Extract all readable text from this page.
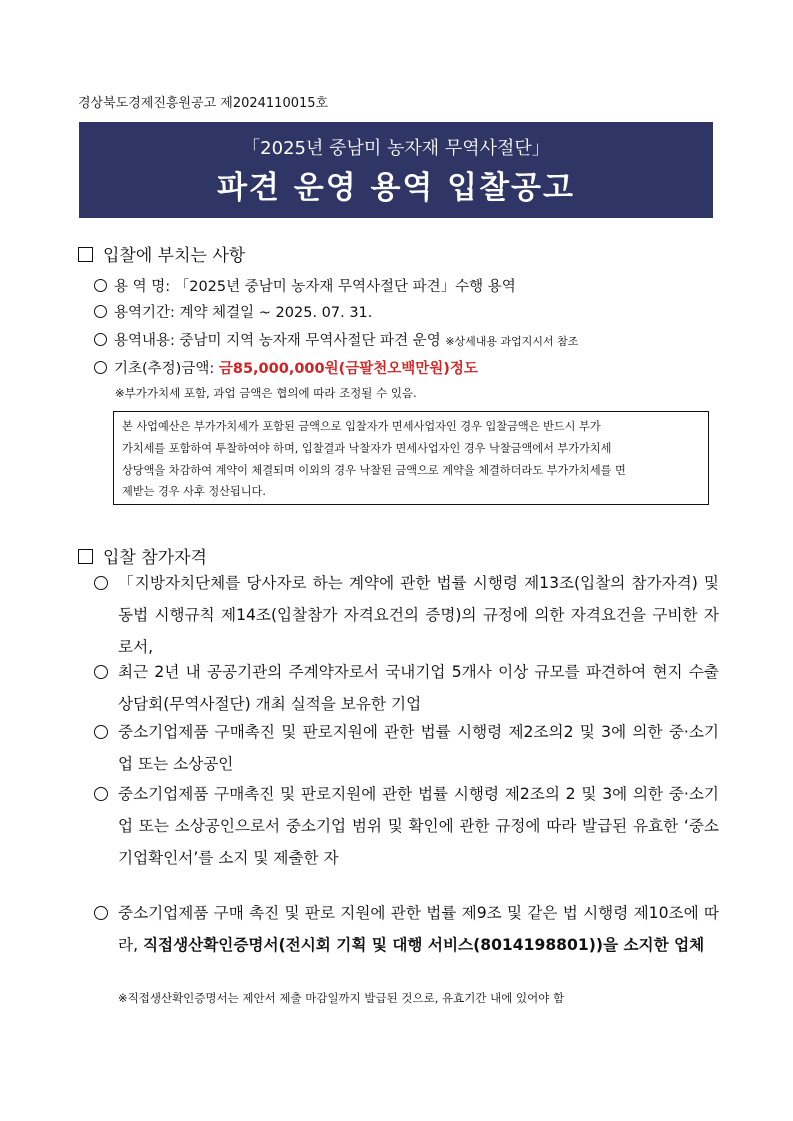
경상북도경제진흥원공고 제2024110015호
「2025년 중남미 농자재 무역사절단」
파견 운영 용역 입찰공고
입찰에 부치는 사항
용 역 명: 「2025년 중남미 농자재 무역사절단 파견」수행 용역
용역기간: 계약 체결일 ~ 2025. 07. 31.
용역내용: 중남미 지역 농자재 무역사절단 파견 운영 ※상세내용 과업지시서 참조
기초(추정)금액: 금85,000,000원(금팔천오백만원)정도
※부가가치세 포함, 과업 금액은 협의에 따라 조정될 수 있음.
본 사업예산은 부가가치세가 포함된 금액으로 입찰자가 면세사업자인 경우 입찰금액은 반드시 부가
가치세를 포함하여 투찰하여야 하며, 입찰결과 낙찰자가 면세사업자인 경우 낙찰금액에서 부가가치세
상당액을 차감하여 계약이 체결되며 이외의 경우 낙찰된 금액으로 계약을 체결하더라도 부가가치세를 면
제받는 경우 사후 정산됩니다.
입찰 참가자격
「지방자치단체를 당사자로 하는 계약에 관한 법률 시행령 제13조(입찰의 참가자격) 및 동법 시행규칙 제14조(입찰참가 자격요건의 증명)의 규정에 의한 자격요건을 구비한 자로서,
최근 2년 내 공공기관의 주계약자로서 국내기업 5개사 이상 규모를 파견하여 현지 수출상담회(무역사절단) 개최 실적을 보유한 기업
중소기업제품 구매촉진 및 판로지원에 관한 법률 시행령 제2조의2 및 3에 의한 중·소기업 또는 소상공인
중소기업제품 구매촉진 및 판로지원에 관한 법률 시행령 제2조의 2 및 3에 의한 중·소기업 또는 소상공인으로서 중소기업 범위 및 확인에 관한 규정에 따라 발급된 유효한 ‘중소기업확인서’를 소지 및 제출한 자
중소기업제품 구매 촉진 및 판로 지원에 관한 법률 제9조 및 같은 법 시행령 제10조에 따라, 직접생산확인증명서(전시회 기획 및 대행 서비스(8014198801))을 소지한 업체
※직접생산확인증명서는 제안서 제출 마감일까지 발급된 것으로, 유효기간 내에 있어야 함
